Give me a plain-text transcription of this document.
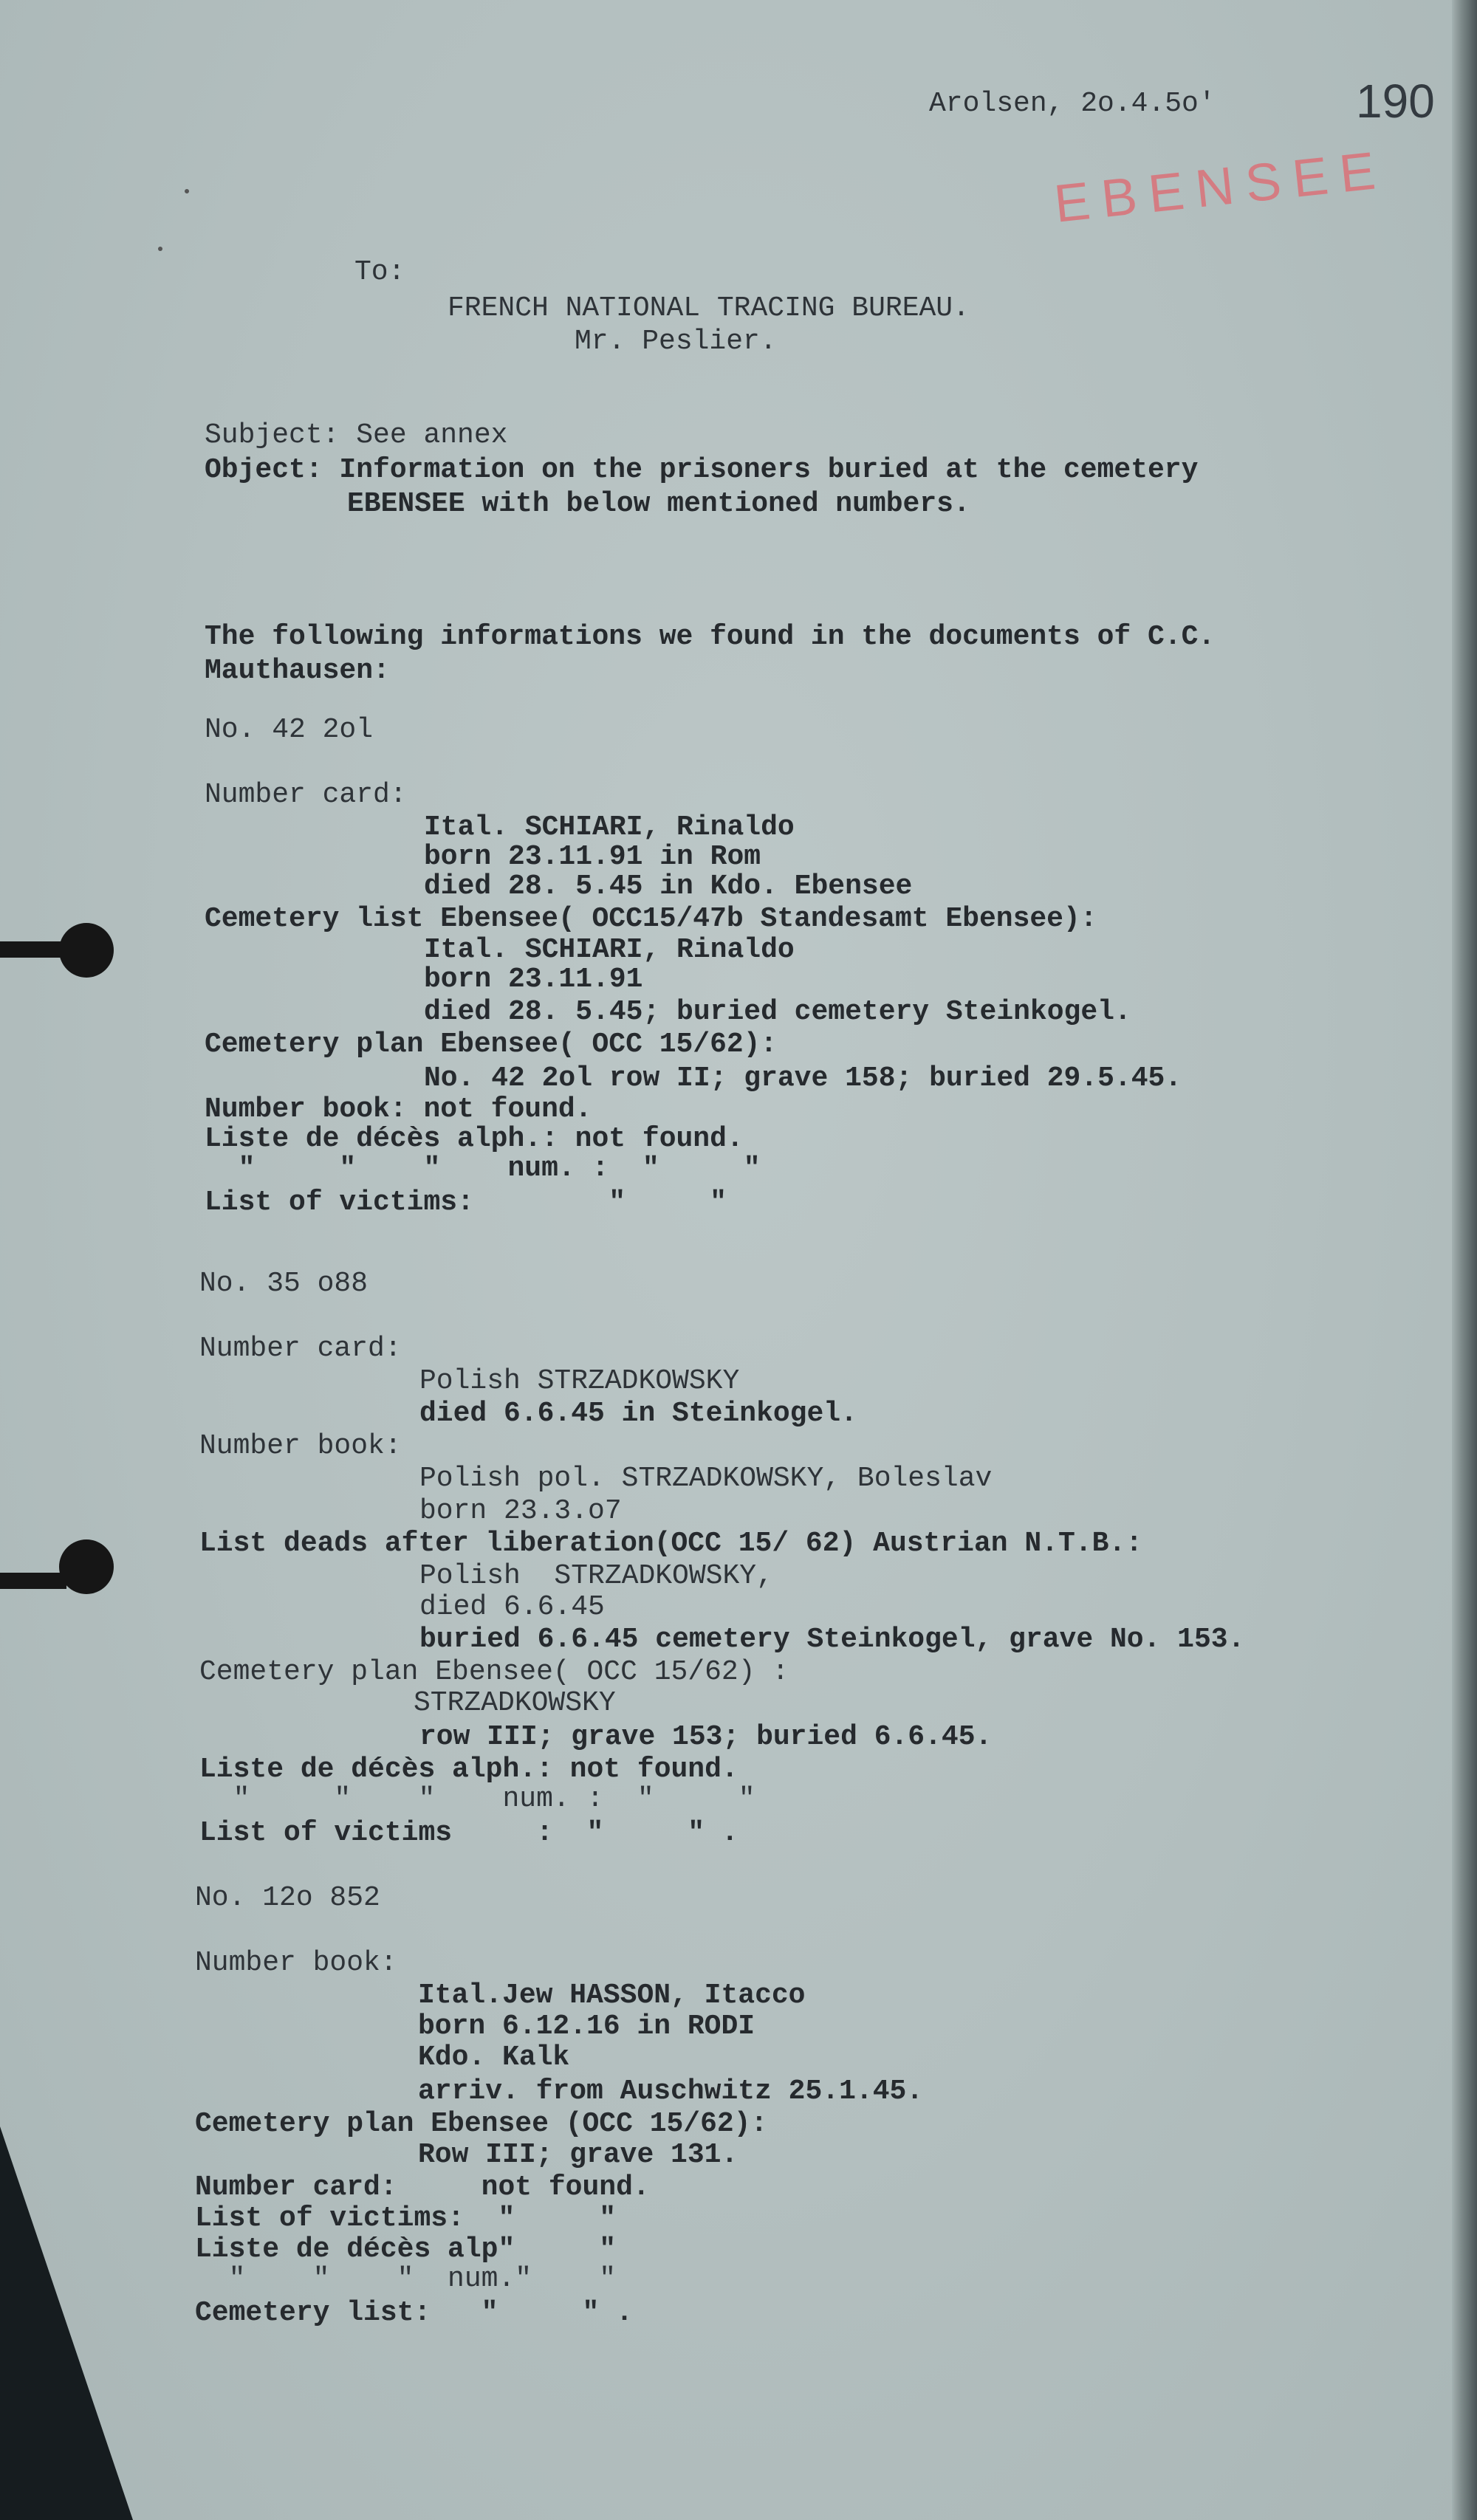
Arolsen, 2o.4.5o'	190
EBENSEE
To:
FRENCH NATIONAL TRACING BUREAU.
Mr. Peslier.
Subject: See annex
Object: Information on the prisoners buried at the cemetery
EBENSEE with below mentioned numbers.
The following informations we found in the documents of C.C.
Mauthausen:
No. 42 2ol
Number card:
Ital. SCHIARI, Rinaldo
born 23.11.91 in Rom
died 28. 5.45 in Kdo. Ebensee
Cemetery list Ebensee( OCC15/47b Standesamt Ebensee):
Ital. SCHIARI, Rinaldo
born 23.11.91
died 28. 5.45; buried cemetery Steinkogel.
Cemetery plan Ebensee( OCC 15/62):
No. 42 2ol row II; grave 158; buried 29.5.45.
Number book: not found.
Liste de décès alph.: not found.
"     "    "    num. :  "     "
List of victims:        "     "
No. 35 o88
Number card:
Polish STRZADKOWSKY
died 6.6.45 in Steinkogel.
Number book:
Polish pol. STRZADKOWSKY, Boleslav
born 23.3.o7
List deads after liberation(OCC 15/ 62) Austrian N.T.B.:
Polish  STRZADKOWSKY,
died 6.6.45
buried 6.6.45 cemetery Steinkogel, grave No. 153.
Cemetery plan Ebensee( OCC 15/62) :
STRZADKOWSKY
row III; grave 153; buried 6.6.45.
Liste de décès alph.: not found.
"     "    "    num. :  "     "
List of victims     :  "     " .
No. 12o 852
Number book:
Ital.Jew HASSON, Itacco
born 6.12.16 in RODI
Kdo. Kalk
arriv. from Auschwitz 25.1.45.
Cemetery plan Ebensee (OCC 15/62):
Row III; grave 131.
Number card:     not found.
List of victims:  "     "
Liste de décès alp"     "
"    "    "  num."    "
Cemetery list:   "     " .
